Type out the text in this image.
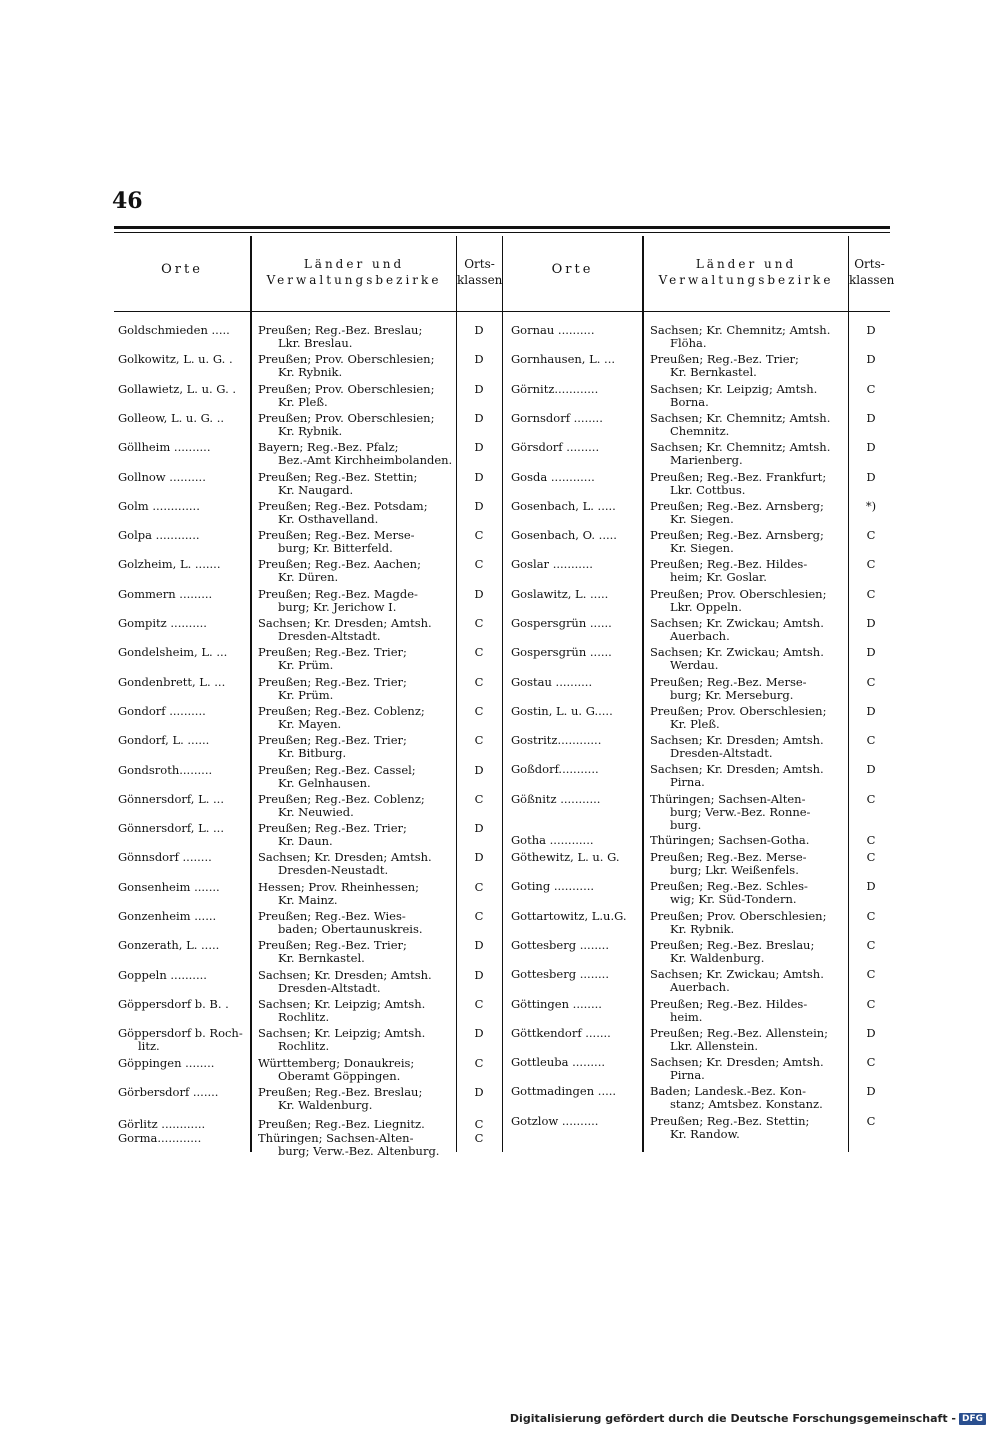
46
Orte	Länder und
Verwaltungsbezirke
Orts-
klassen
Orte	Länder und
Verwaltungsbezirke
Orts-
klassen
Goldschmieden ..... Preußen; Reg.-Bez. Breslau;
Lkr. Breslau.
D
Golkowitz, L. u. G. . Preußen; Prov. Oberschlesien;
Kr. Rybnik.
D
Gollawietz, L. u. G. . Preußen; Prov. Oberschlesien;
Kr. Pleß.
D
Golleow, L. u. G. ..	Preußen; Prov. Oberschlesien;
Kr. Rybnik.
D
Göllheim ..........	Bayern; Reg.-Bez. Pfalz;
Bez.-Amt Kirchheimbolanden.
D
Gollnow ..........	Preußen; Reg.-Bez. Stettin;
Kr. Naugard.
D
Golm .............	Preußen; Reg.-Bez. Potsdam;
Kr. Osthavelland.
D
Golpa ............	Preußen; Reg.-Bez. Merse-
burg; Kr. Bitterfeld.
C
Golzheim, L. .......	Preußen; Reg.-Bez. Aachen;
Kr. Düren.
C
Gommern .........	Preußen; Reg.-Bez. Magde-
burg; Kr. Jerichow I.
D
Gompitz ..........	Sachsen; Kr. Dresden; Amtsh.
Dresden-Altstadt.
C
Gondelsheim, L. ...	Preußen; Reg.-Bez. Trier;
Kr. Prüm.
C
Gondenbrett, L. ...	Preußen; Reg.-Bez. Trier;
Kr. Prüm.
C
Gondorf ..........	Preußen; Reg.-Bez. Coblenz;
Kr. Mayen.
C
Gondorf, L. ......	Preußen; Reg.-Bez. Trier;
Kr. Bitburg.
C
Gondsroth.........	Preußen; Reg.-Bez. Cassel;
Kr. Gelnhausen.
D
Gönnersdorf, L. ...	Preußen; Reg.-Bez. Coblenz;
Kr. Neuwied.
C
Gönnersdorf, L. ...	Preußen; Reg.-Bez. Trier;
Kr. Daun.
D
Gönnsdorf ........	Sachsen; Kr. Dresden; Amtsh.
Dresden-Neustadt.
D
Gonsenheim .......	Hessen; Prov. Rheinhessen;
Kr. Mainz.
C
Gonzenheim ......	Preußen; Reg.-Bez. Wies-
baden; Obertaunuskreis.
C
Gonzerath, L. .....	Preußen; Reg.-Bez. Trier;
Kr. Bernkastel.
D
Goppeln ..........	Sachsen; Kr. Dresden; Amtsh.
Dresden-Altstadt.
D
Göppersdorf b. B. .	Sachsen; Kr. Leipzig; Amtsh.
Rochlitz.
C
Göppersdorf b. Roch-
litz.
Sachsen; Kr. Leipzig; Amtsh.
Rochlitz.
D
Göppingen ........	Württemberg; Donaukreis;
Oberamt Göppingen.
C
Görbersdorf .......	Preußen; Reg.-Bez. Breslau;
Kr. Waldenburg.
D
Görlitz ............	Preußen; Reg.-Bez. Liegnitz.	C
Gorma............	Thüringen; Sachsen-Alten-
burg; Verw.-Bez. Altenburg.
C
Gornau ..........	Sachsen; Kr. Chemnitz; Amtsh.
Flöha.
D
Gornhausen, L. ...	Preußen; Reg.-Bez. Trier;
Kr. Bernkastel.
D
Görnitz............	Sachsen; Kr. Leipzig; Amtsh.
Borna.
C
Gornsdorf ........	Sachsen; Kr. Chemnitz; Amtsh.
Chemnitz.
D
Görsdorf .........	Sachsen; Kr. Chemnitz; Amtsh.
Marienberg.
D
Gosda ............	Preußen; Reg.-Bez. Frankfurt;
Lkr. Cottbus.
D
Gosenbach, L. .....	Preußen; Reg.-Bez. Arnsberg;
Kr. Siegen.
*)
Gosenbach, O. .....	Preußen; Reg.-Bez. Arnsberg;
Kr. Siegen.
C
Goslar ...........	Preußen; Reg.-Bez. Hildes-
heim; Kr. Goslar.
C
Goslawitz, L. .....	Preußen; Prov. Oberschlesien;
Lkr. Oppeln.
C
Gospersgrün ......	Sachsen; Kr. Zwickau; Amtsh.
Auerbach.
D
Gospersgrün ......	Sachsen; Kr. Zwickau; Amtsh.
Werdau.
D
Gostau ..........	Preußen; Reg.-Bez. Merse-
burg; Kr. Merseburg.
C
Gostin, L. u. G.....	Preußen; Prov. Oberschlesien;
Kr. Pleß.
D
Gostritz............	Sachsen; Kr. Dresden; Amtsh.
Dresden-Altstadt.
C
Goßdorf...........	Sachsen; Kr. Dresden; Amtsh.
Pirna.
D
Gößnitz ...........	Thüringen; Sachsen-Alten-
burg; Verw.-Bez. Ronne-
burg.
C
Gotha ............	Thüringen; Sachsen-Gotha.	C
Göthewitz, L. u. G.	Preußen; Reg.-Bez. Merse-
burg; Lkr. Weißenfels.
C
Goting ...........	Preußen; Reg.-Bez. Schles-
wig; Kr. Süd-Tondern.
D
Gottartowitz, L.u.G. Preußen; Prov. Oberschlesien;
Kr. Rybnik.
C
Gottesberg ........	Preußen; Reg.-Bez. Breslau;
Kr. Waldenburg.
C
Gottesberg ........	Sachsen; Kr. Zwickau; Amtsh.
Auerbach.
C
Göttingen ........	Preußen; Reg.-Bez. Hildes-
heim.
C
Göttkendorf .......	Preußen; Reg.-Bez. Allenstein;
Lkr. Allenstein.
D
Gottleuba .........	Sachsen; Kr. Dresden; Amtsh.
Pirna.
C
Gottmadingen .....	Baden; Landesk.-Bez. Kon-
stanz; Amtsbez. Konstanz.
D
Gotzlow ..........	Preußen; Reg.-Bez. Stettin;
Kr. Randow.
C
Digitalisierung gefördert durch die Deutsche Forschungsgemeinschaft - DFG
